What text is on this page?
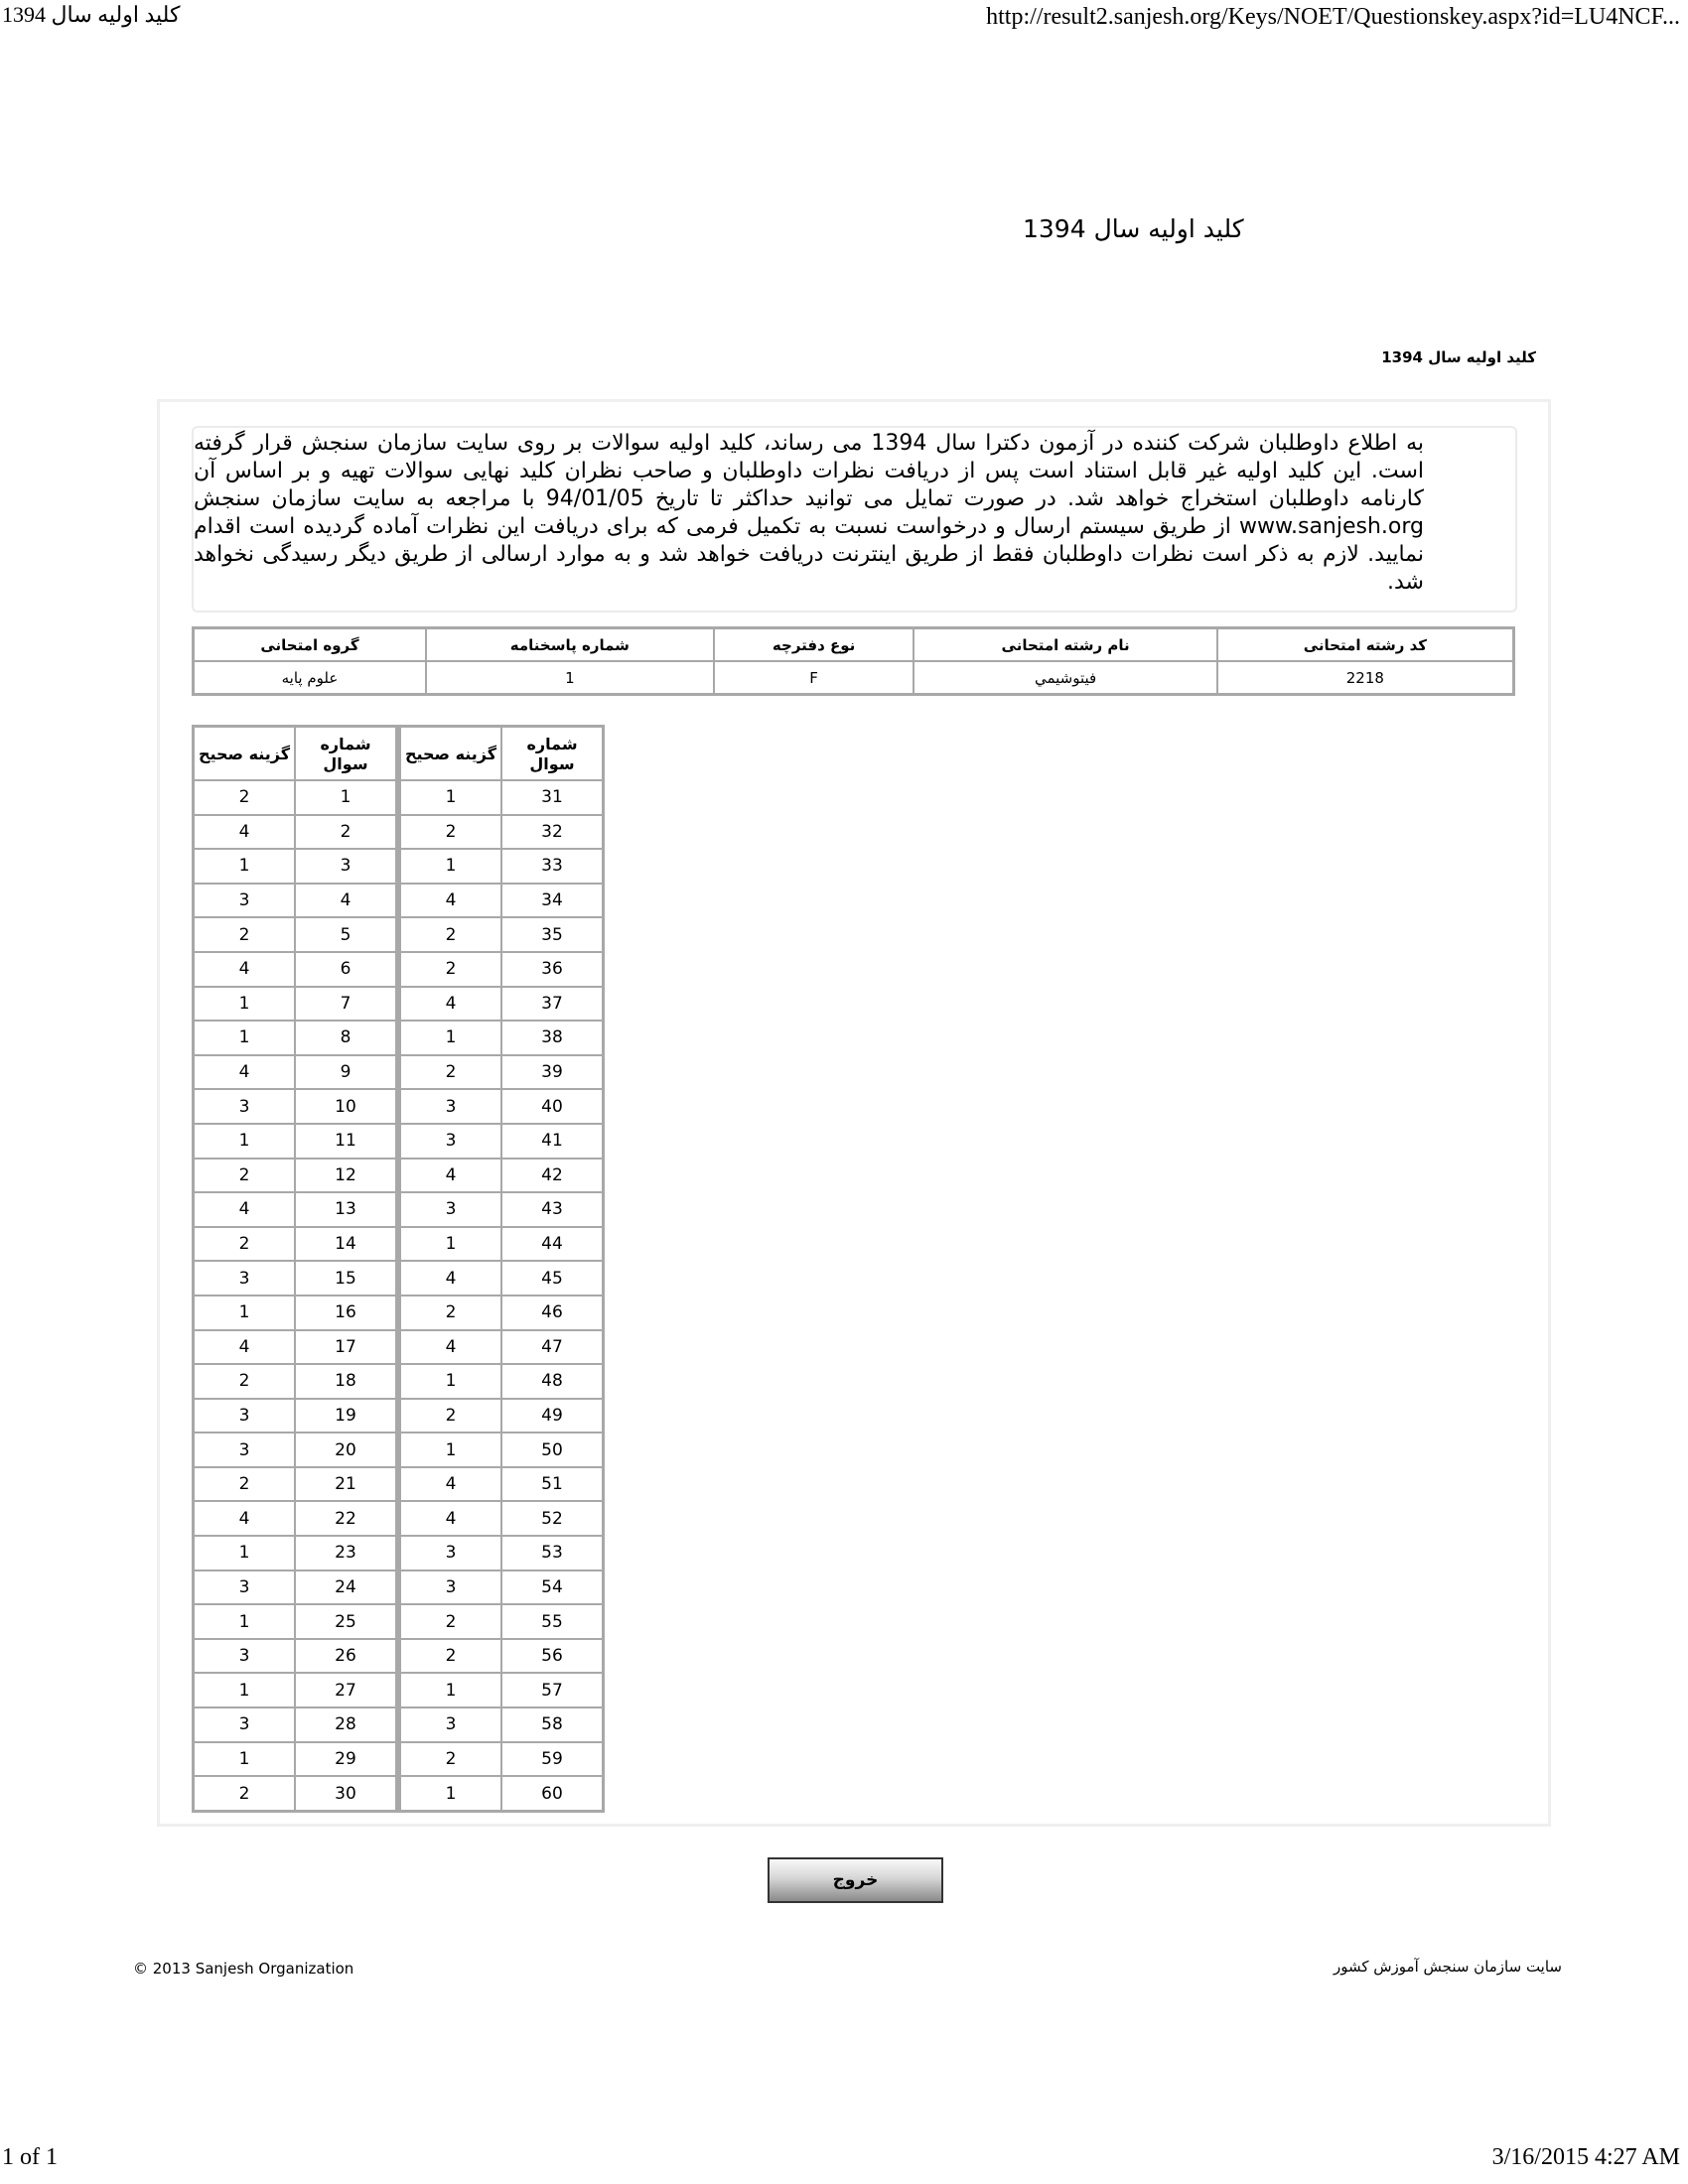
کلید اولیه سال 1394	http://result2.sanjesh.org/Keys/NOET/Questionskey.aspx?id=LU4NCF...
کلید اولیه سال 1394
کلید اولیه سال 1394
به اطلاع داوطلبان شرکت کننده در آزمون دکترا سال 1394 می رساند، کلید اولیه سوالات بر روی سایت سازمان سنجش قرار گرفته است. این کلید اولیه غیر قابل استناد است پس از دریافت نظرات داوطلبان و صاحب نظران کلید نهایی سوالات تهیه و بر اساس آن کارنامه داوطلبان استخراج خواهد شد. در صورت تمایل می توانید حداکثر تا تاریخ 94/01/05 با مراجعه به سایت سازمان سنجش www.sanjesh.org از طریق سیستم ارسال و درخواست نسبت به تکمیل فرمی که برای دریافت این نظرات آماده گردیده است اقدام نمایید. لازم به ذکر است نظرات داوطلبان فقط از طریق اینترنت دریافت خواهد شد و به موارد ارسالی از طریق دیگر رسیدگی نخواهد شد.
کد رشته امتحانی	نام رشته امتحانی	نوع دفترچه	شماره پاسخنامه	گروه امتحانی
2218	فيتوشيمي	F	1	علوم پایه
شماره سوال	گزینه صحیح
31	1
32	2
33	1
34	4
35	2
36	2
37	4
38	1
39	2
40	3
41	3
42	4
43	3
44	1
45	4
46	2
47	4
48	1
49	2
50	1
51	4
52	4
53	3
54	3
55	2
56	2
57	1
58	3
59	2
60	1
شماره سوال	گزینه صحیح
1	2
2	4
3	1
4	3
5	2
6	4
7	1
8	1
9	4
10	3
11	1
12	2
13	4
14	2
15	3
16	1
17	4
18	2
19	3
20	3
21	2
22	4
23	1
24	3
25	1
26	3
27	1
28	3
29	1
30	2
خروج
© 2013 Sanjesh Organization	سایت سازمان سنجش آموزش کشور
1 of 1	3/16/2015 4:27 AM
